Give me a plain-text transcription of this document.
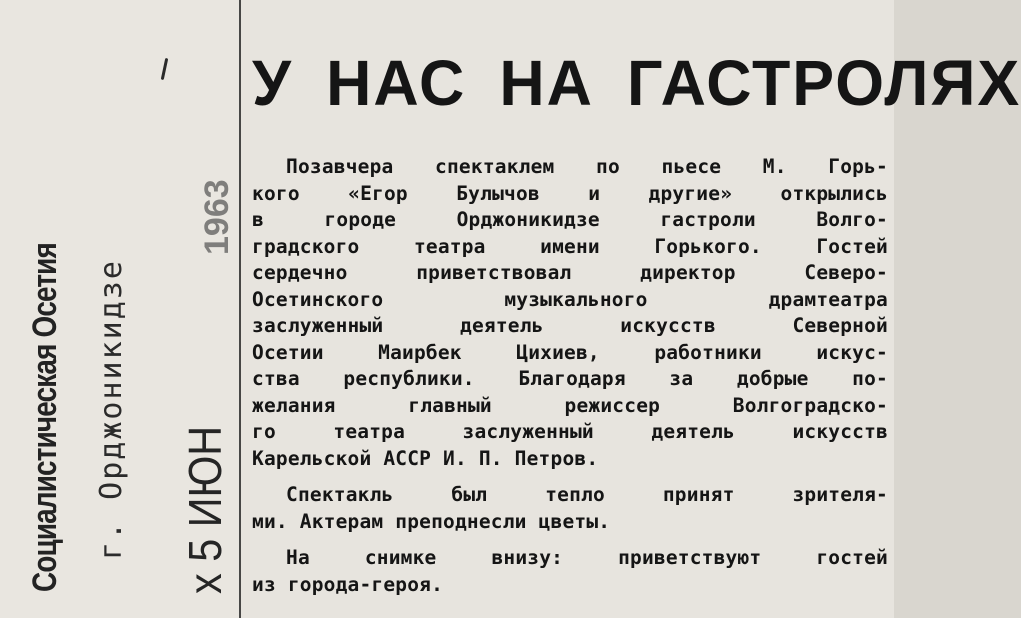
Социалистическая Осетия г. Орджоникидзе
x 5 ИЮН
1963
У НАС НА ГАСТРОЛЯХ

Позавчера спектаклем по пьесе М. Горь-
кого «Егор Булычов и другие» открылись
в городе Орджоникидзе гастроли Волго-
градского театра имени Горького. Гостей
сердечно приветствовал директор Северо-
Осетинского музыкального драмтеатра
заслуженный деятель искусств Северной
Осетии Маирбек Цихиев, работники искус-
ства республики. Благодаря за добрые по-
желания главный режиссер Волгоградско-
го театра заслуженный деятель искусств
Карельской АССР И. П. Петров.

Спектакль был тепло принят зрителя-
ми. Актерам преподнесли цветы.

На снимке внизу: приветствуют гостей
из города-героя.
